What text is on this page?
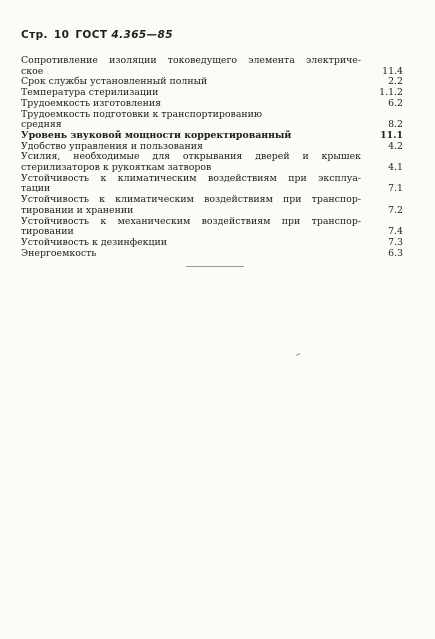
Стр. 10 ГОСТ 4.365—85
Сопротивление изоляции токоведущего элемента электриче-
ское	11.4
Срок службы установленный полный	2.2
Температура стерилизации	1.1.2
Трудоемкость изготовления	6.2
Трудоемкость подготовки к транспортированию
средняя	8.2
Уровень звуковой мощности корректированный	11.1
Удобство управления и пользования	4.2
Усилия, необходимые для открывания дверей и крышек
стерилизаторов к рукояткам затворов	4.1
Устойчивость к климатическим воздействиям при эксплуа-
тации	7.1
Устойчивость к климатическим воздействиям при транспор-
тировании и хранении	7.2
Устойчивость к механическим воздействиям при транспор-
тировании	7.4
Устойчивость к дезинфекции	7.3
Энергоемкость	6.3
